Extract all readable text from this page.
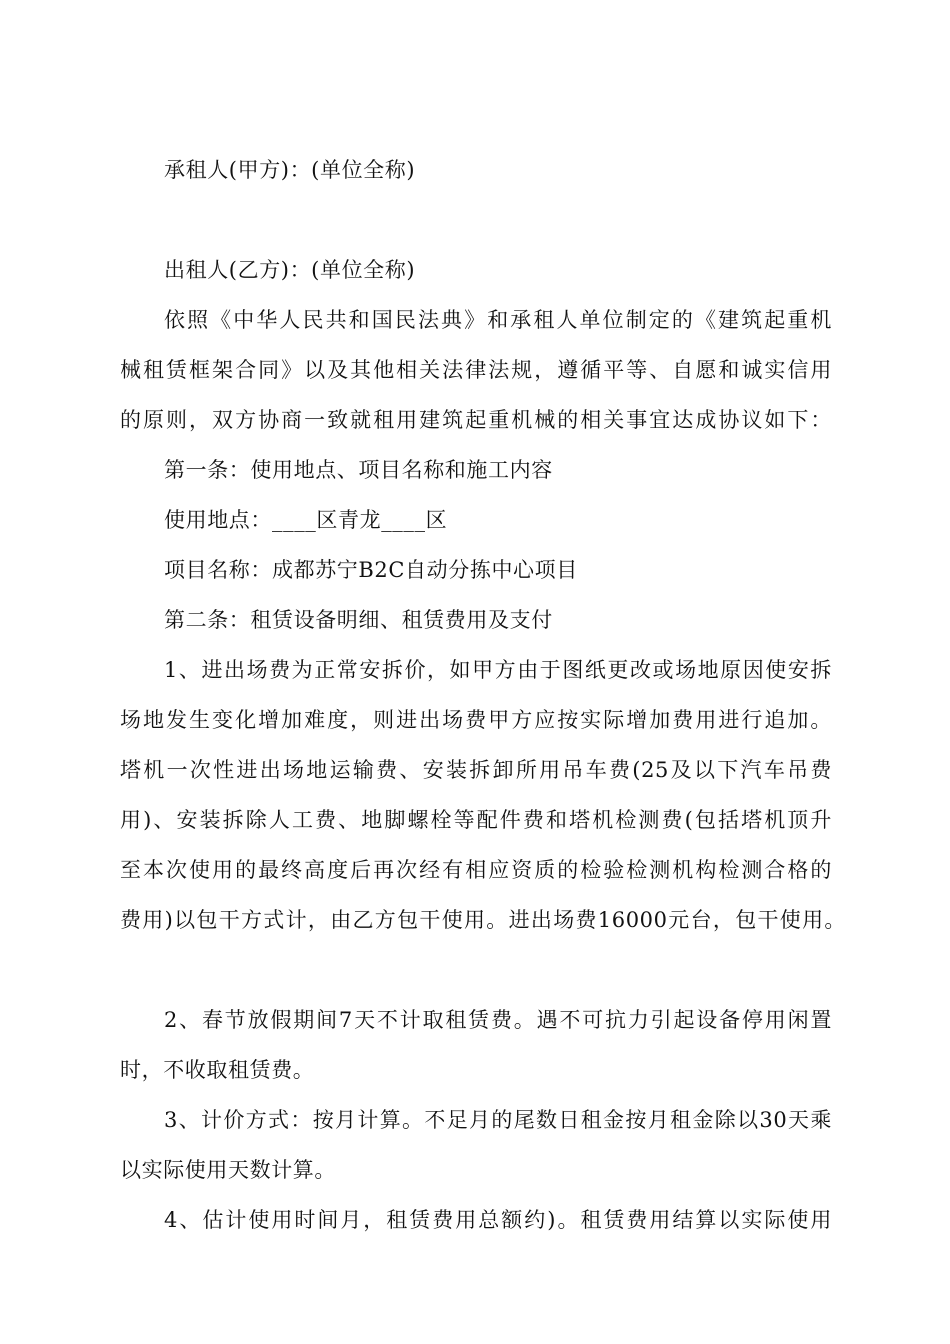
承租人(甲方)：(单位全称)
出租人(乙方)：(单位全称)
依照《中华人民共和国民法典》和承租人单位制定的《建筑起重机
械租赁框架合同》以及其他相关法律法规，遵循平等、自愿和诚实信用
的原则，双方协商一致就租用建筑起重机械的相关事宜达成协议如下：
第一条：使用地点、项目名称和施工内容
使用地点：____区青龙____区
项目名称：成都苏宁B2C自动分拣中心项目
第二条：租赁设备明细、租赁费用及支付
1、进出场费为正常安拆价，如甲方由于图纸更改或场地原因使安拆
场地发生变化增加难度，则进出场费甲方应按实际增加费用进行追加。
塔机一次性进出场地运输费、安装拆卸所用吊车费(25及以下汽车吊费
用)、安装拆除人工费、地脚螺栓等配件费和塔机检测费(包括塔机顶升
至本次使用的最终高度后再次经有相应资质的检验检测机构检测合格的
费用)以包干方式计，由乙方包干使用。进出场费16000元台，包干使用。
2、春节放假期间7天不计取租赁费。遇不可抗力引起设备停用闲置
时，不收取租赁费。
3、计价方式：按月计算。不足月的尾数日租金按月租金除以30天乘
以实际使用天数计算。
4、估计使用时间月，租赁费用总额约)。租赁费用结算以实际使用
